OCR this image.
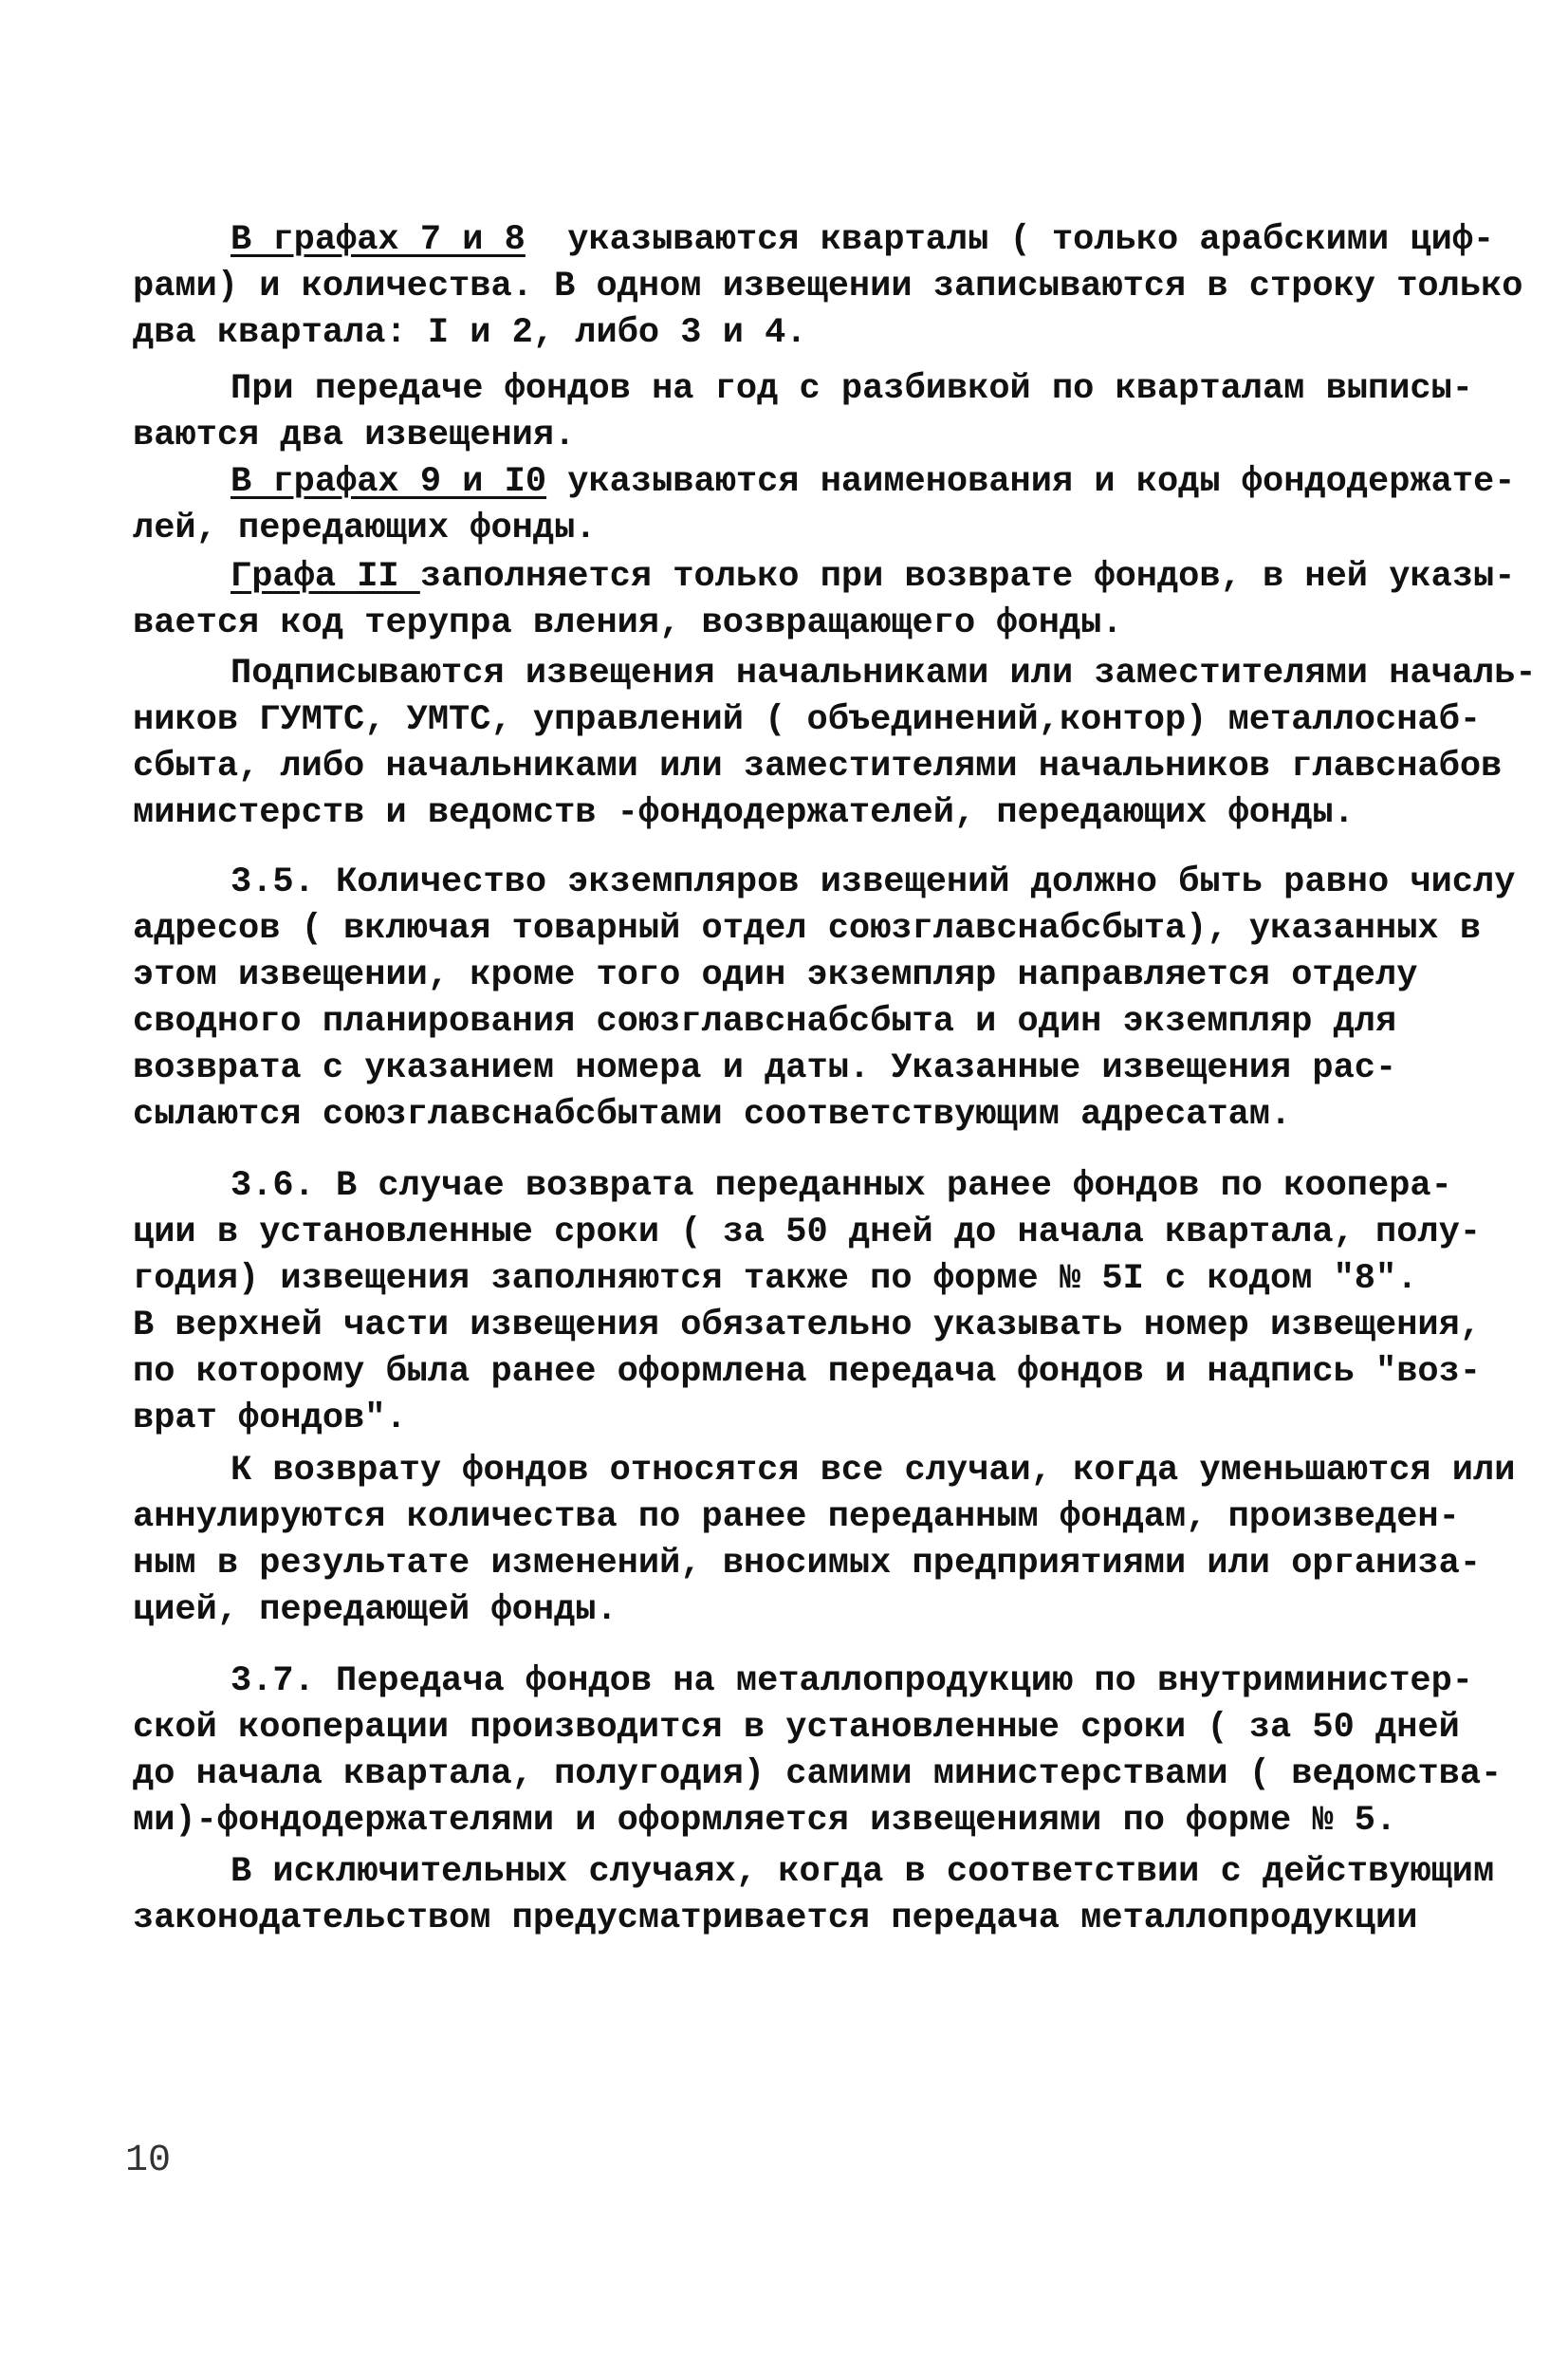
В графах 7 и 8  указываются кварталы ( только арабскими циф-
рами) и количества. В одном извещении записываются в строку только
два квартала: I и 2, либо 3 и 4.
При передаче фондов на год с разбивкой по кварталам выписы-
ваются два извещения.
В графах 9 и I0 указываются наименования и коды фондодержате-
лей, передающих фонды.
Графа II заполняется только при возврате фондов, в ней указы-
вается код терупра вления, возвращающего фонды.
Подписываются извещения начальниками или заместителями началь-
ников ГУМТС, УМТС, управлений ( объединений,контор) металлоснаб-
сбыта, либо начальниками или заместителями начальников главснабов
министерств и ведомств -фондодержателей, передающих фонды.
3.5. Количество экземпляров извещений должно быть равно числу
адресов ( включая товарный отдел союзглавснабсбыта), указанных в
этом извещении, кроме того один экземпляр направляется отделу
сводного планирования союзглавснабсбыта и один экземпляр для
возврата с указанием номера и даты. Указанные извещения рас-
сылаются союзглавснабсбытами соответствующим адресатам.
3.6. В случае возврата переданных ранее фондов по коопера-
ции в установленные сроки ( за 50 дней до начала квартала, полу-
годия) извещения заполняются также по форме № 5I с кодом "8".
В верхней части извещения обязательно указывать номер извещения,
по которому была ранее оформлена передача фондов и надпись "воз-
врат фондов".
К возврату фондов относятся все случаи, когда уменьшаются или
аннулируются количества по ранее переданным фондам, произведен-
ным в результате изменений, вносимых предприятиями или организа-
цией, передающей фонды.
3.7. Передача фондов на металлопродукцию по внутриминистер-
ской кооперации производится в установленные сроки ( за 50 дней
до начала квартала, полугодия) самими министерствами ( ведомства-
ми)-фондодержателями и оформляется извещениями по форме № 5.
В исключительных случаях, когда в соответствии с действующим
законодательством предусматривается передача металлопродукции
10
